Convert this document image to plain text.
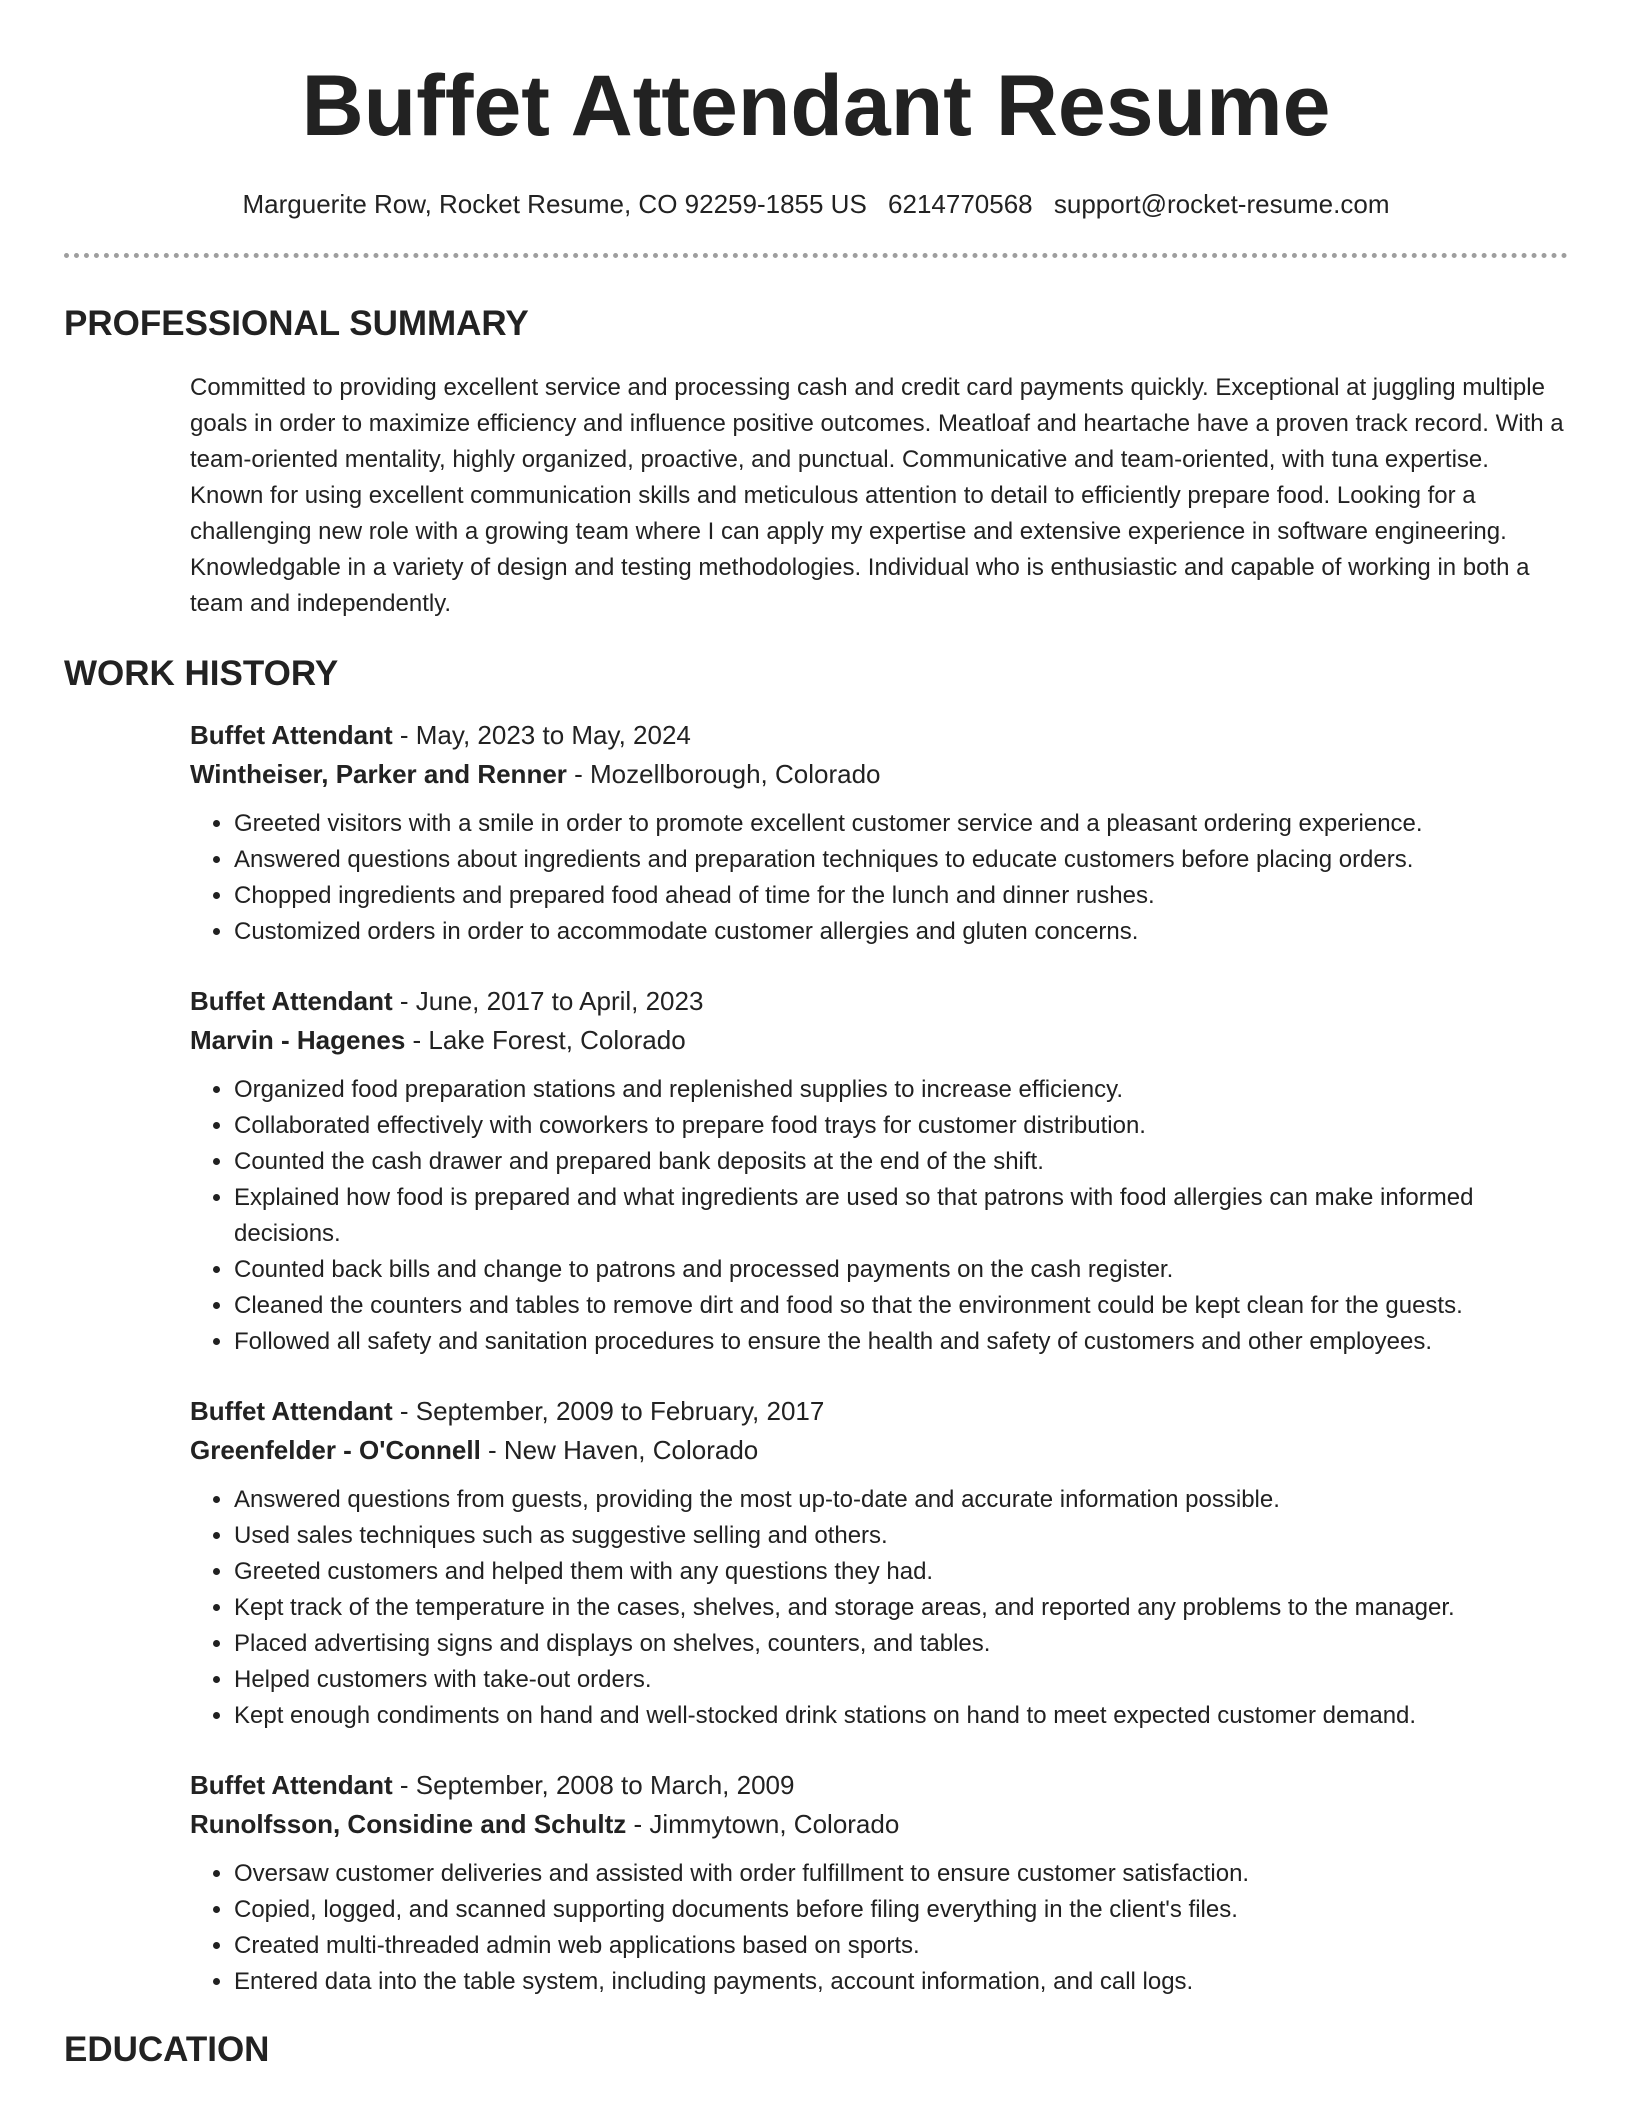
Buffet Attendant Resume
Marguerite Row, Rocket Resume, CO 92259-1855 US 6214770568 support@rocket-resume.com
PROFESSIONAL SUMMARY

Committed to providing excellent service and processing cash and credit card payments quickly. Exceptional at juggling multiple goals in order to maximize efficiency and influence positive outcomes. Meatloaf and heartache have a proven track record. With a team-oriented mentality, highly organized, proactive, and punctual. Communicative and team-oriented, with tuna expertise. Known for using excellent communication skills and meticulous attention to detail to efficiently prepare food. Looking for a challenging new role with a growing team where I can apply my expertise and extensive experience in software engineering. Knowledgable in a variety of design and testing methodologies. Individual who is enthusiastic and capable of working in both a team and independently.

WORK HISTORY
Buffet Attendant - May, 2023 to May, 2024
Wintheiser, Parker and Renner - Mozellborough, Colorado
• Greeted visitors with a smile in order to promote excellent customer service and a pleasant ordering experience.
• Answered questions about ingredients and preparation techniques to educate customers before placing orders.
• Chopped ingredients and prepared food ahead of time for the lunch and dinner rushes.
• Customized orders in order to accommodate customer allergies and gluten concerns.
Buffet Attendant - June, 2017 to April, 2023
Marvin - Hagenes - Lake Forest, Colorado
• Organized food preparation stations and replenished supplies to increase efficiency.
• Collaborated effectively with coworkers to prepare food trays for customer distribution.
• Counted the cash drawer and prepared bank deposits at the end of the shift.
• Explained how food is prepared and what ingredients are used so that patrons with food allergies can make informed decisions.
• Counted back bills and change to patrons and processed payments on the cash register.
• Cleaned the counters and tables to remove dirt and food so that the environment could be kept clean for the guests.
• Followed all safety and sanitation procedures to ensure the health and safety of customers and other employees.
Buffet Attendant - September, 2009 to February, 2017
Greenfelder - O'Connell - New Haven, Colorado
• Answered questions from guests, providing the most up-to-date and accurate information possible.
• Used sales techniques such as suggestive selling and others.
• Greeted customers and helped them with any questions they had.
• Kept track of the temperature in the cases, shelves, and storage areas, and reported any problems to the manager.
• Placed advertising signs and displays on shelves, counters, and tables.
• Helped customers with take-out orders.
• Kept enough condiments on hand and well-stocked drink stations on hand to meet expected customer demand.
Buffet Attendant - September, 2008 to March, 2009
Runolfsson, Considine and Schultz - Jimmytown, Colorado
• Oversaw customer deliveries and assisted with order fulfillment to ensure customer satisfaction.
• Copied, logged, and scanned supporting documents before filing everything in the client's files.
• Created multi-threaded admin web applications based on sports.
• Entered data into the table system, including payments, account information, and call logs.
EDUCATION
